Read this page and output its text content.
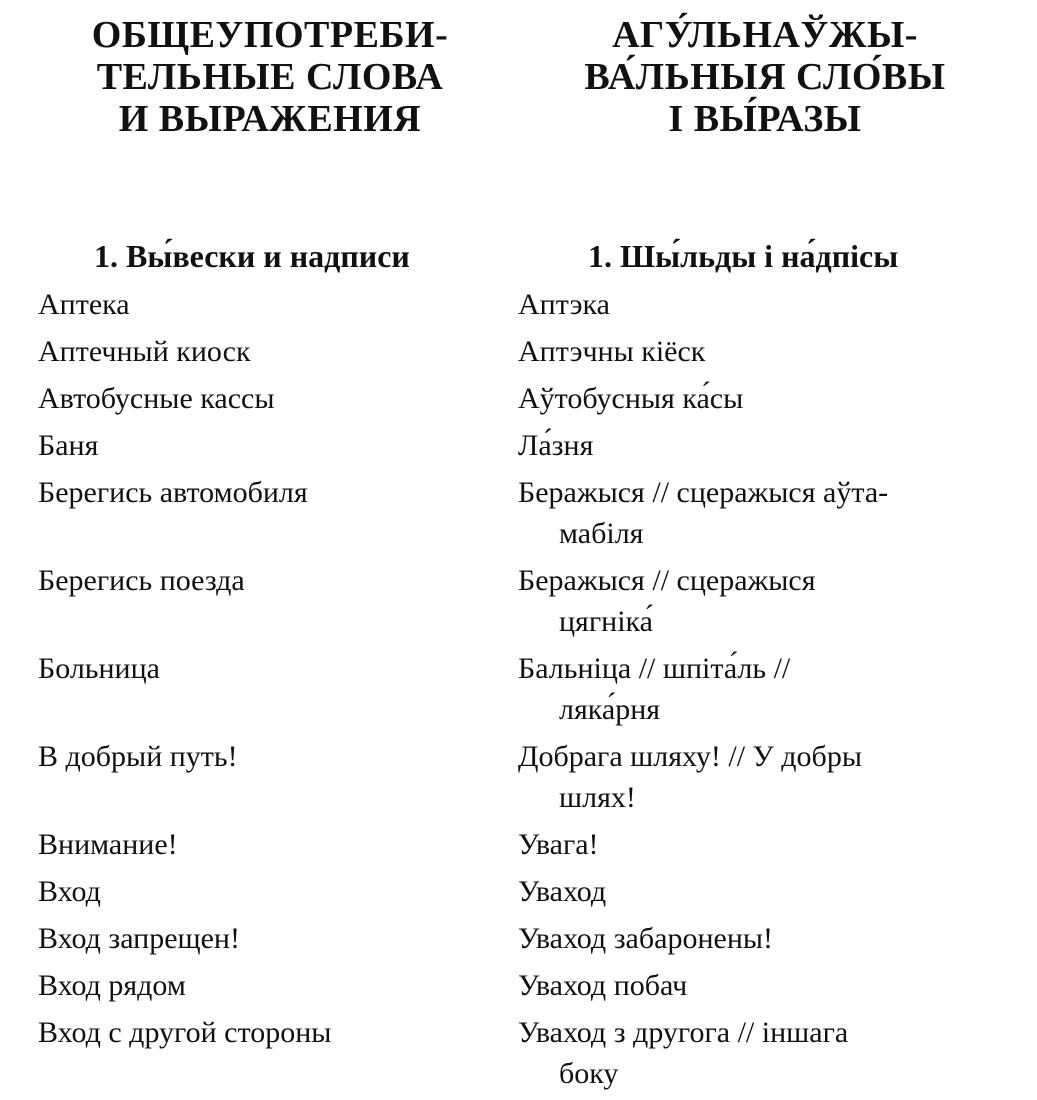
ОБЩЕУПОТРЕБИ-
ТЕЛЬНЫЕ СЛОВА
И ВЫРАЖЕНИЯ
1. Вы́вески и надписи
Аптека
Аптечный киоск
Автобусные кассы
Баня
Берегись автомобиля
Берегись поезда
Больница
В добрый путь!
Внимание!
Вход
Вход запрещен!
Вход рядом
Вход с другой стороны
АГУ́ЛЬНАЎЖЫ-
ВА́ЛЬНЫЯ СЛО́ВЫ
І ВЫ́РАЗЫ
1. Шы́льды і на́дпісы
Аптэка
Аптэчны кіёск
Аўтобусныя ка́сы
Ла́зня
Беражыся // сцеражыся аўта-
мабіля
Беражыся // сцеражыся
цягніка́
Бальніца // шпіта́ль //
ляка́рня
Добрага шляху! // У добры
шлях!
Увага!
Уваход
Уваход забаронены!
Уваход побач
Уваход з другога // іншага
боку
